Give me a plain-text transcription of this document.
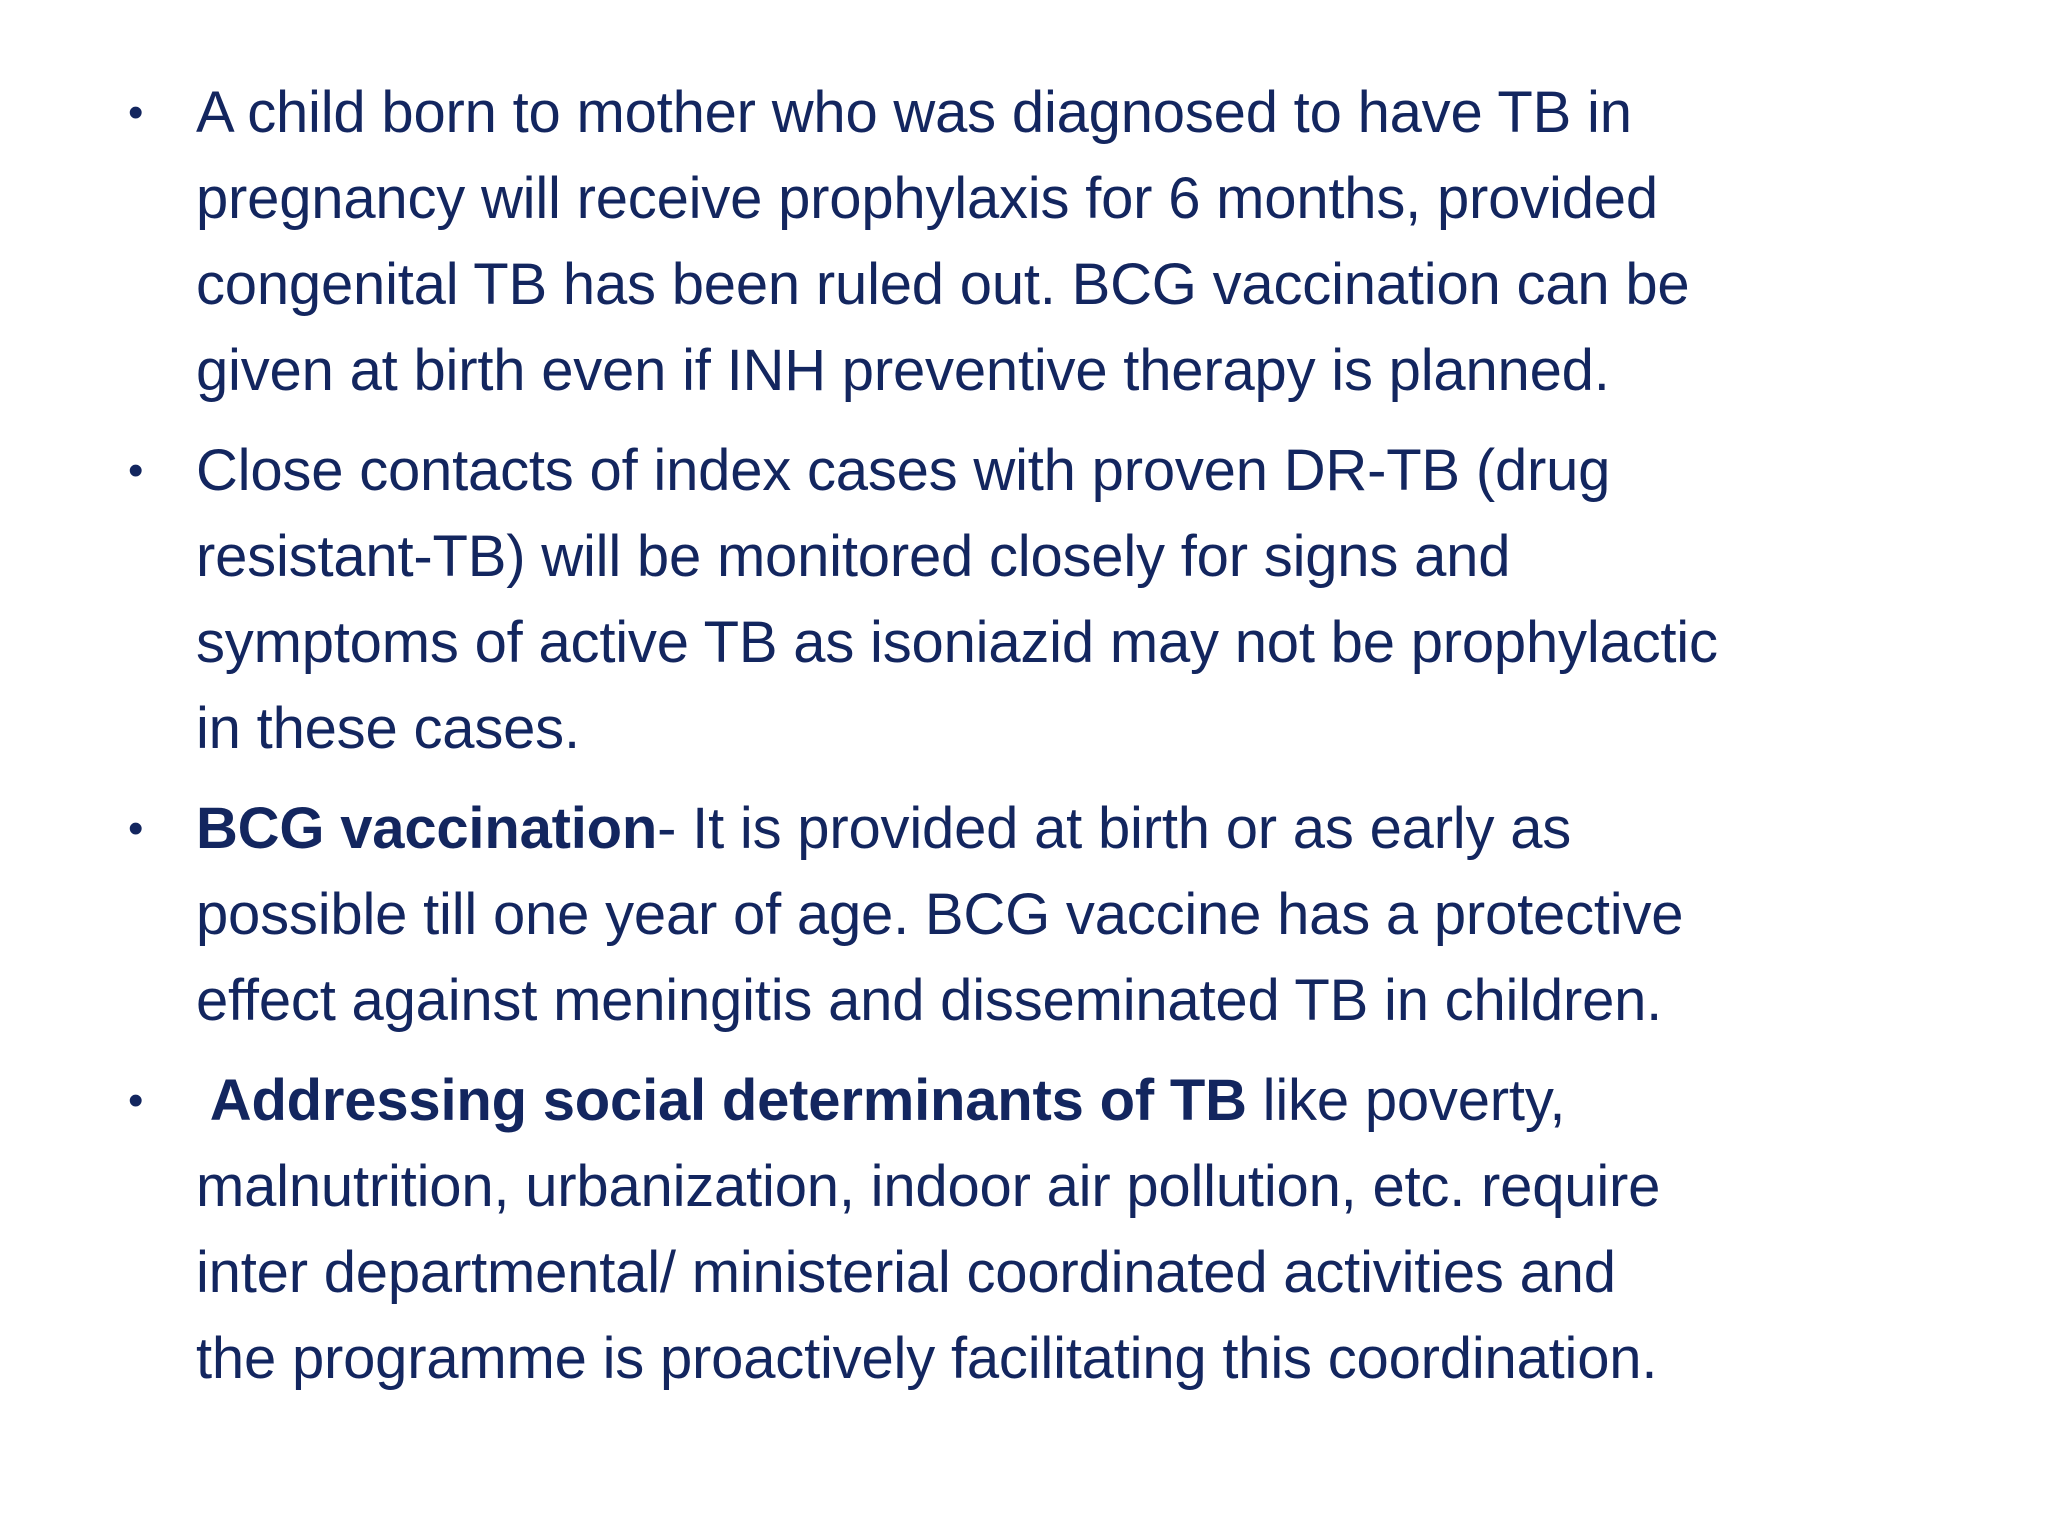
• A child born to mother who was diagnosed to have TB in
pregnancy will receive prophylaxis for 6 months, provided
congenital TB has been ruled out. BCG vaccination can be
given at birth even if INH preventive therapy is planned.
• Close contacts of index cases with proven DR-TB (drug
resistant-TB) will be monitored closely for signs and
symptoms of active TB as isoniazid may not be prophylactic
in these cases.
• BCG vaccination- It is provided at birth or as early as
possible till one year of age. BCG vaccine has a protective
effect against meningitis and disseminated TB in children.
• Addressing social determinants of TB like poverty,
malnutrition, urbanization, indoor air pollution, etc. require
inter departmental/ ministerial coordinated activities and
the programme is proactively facilitating this coordination.
